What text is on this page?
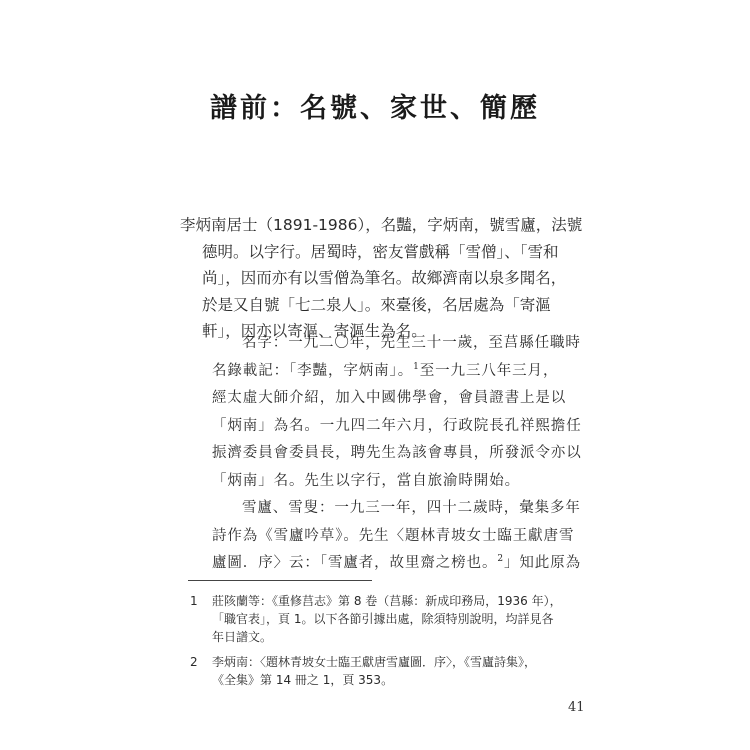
譜前：名號、家世、簡歷
李炳南居士（1891-1986），名豔，字炳南，號雪廬，法號
德明。以字行。居蜀時，密友嘗戲稱「雪僧」、「雪和
尚」，因而亦有以雪僧為筆名。故鄉濟南以泉多聞名，
於是又自號「七二泉人」。來臺後，名居處為「寄漚
軒」，因亦以寄漚、寄漚生為名。
名字：一九二〇年，先生三十一歲，至莒縣任職時
名錄載記：「李豔，字炳南」。$^1$至一九三八年三月，
經太虛大師介紹，加入中國佛學會，會員證書上是以
「炳南」為名。一九四二年六月，行政院長孔祥熙擔任
振濟委員會委員長，聘先生為該會專員，所發派令亦以
「炳南」名。先生以字行，當自旅渝時開始。
雪廬、雪叟：一九三一年，四十二歲時，彙集多年
詩作為《雪廬吟草》。先生〈題林青坡女士臨王獻唐雪
廬圖．序〉云：「雪廬者，故里齋之榜也。$^2$」知此原為
1 莊陔蘭等：《重修莒志》第 8 卷（莒縣：新成印務局，1936 年），
「職官表」，頁 1。以下各節引據出處，除須特別說明，均詳見各
年日譜文。
2 李炳南：〈題林青坡女士臨王獻唐雪廬圖．序〉，《雪廬詩集》，
《全集》第 14 冊之 1，頁 353。
41
